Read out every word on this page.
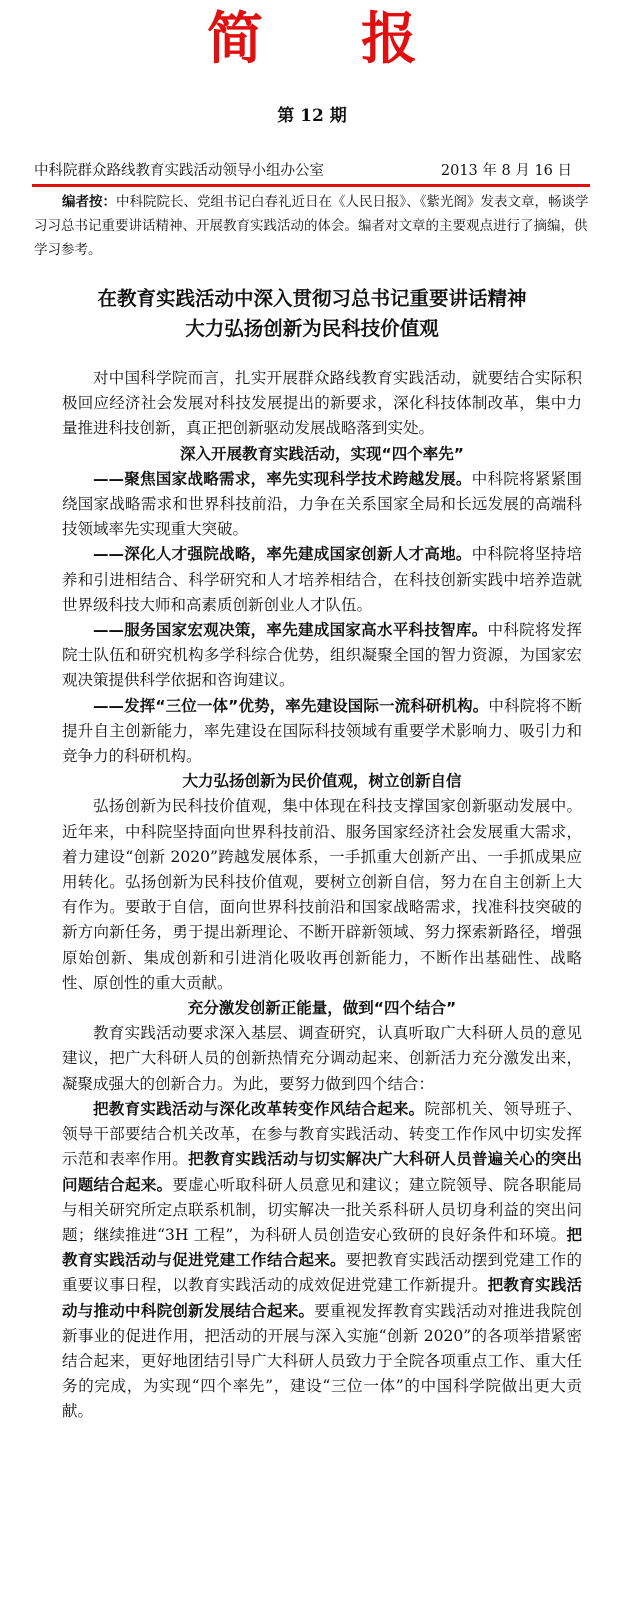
简 报
第 12 期
中科院群众路线教育实践活动领导小组办公室	2013 年 8 月 16 日
编者按：中科院院长、党组书记白春礼近日在《人民日报》、《紫光阁》发表文章，畅谈学习习总书记重要讲话精神、开展教育实践活动的体会。编者对文章的主要观点进行了摘编，供学习参考。
在教育实践活动中深入贯彻习总书记重要讲话精神
大力弘扬创新为民科技价值观

对中国科学院而言，扎实开展群众路线教育实践活动，就要结合实际积极回应经济社会发展对科技发展提出的新要求，深化科技体制改革，集中力量推进科技创新，真正把创新驱动发展战略落到实处。

深入开展教育实践活动，实现“四个率先”

——聚焦国家战略需求，率先实现科学技术跨越发展。中科院将紧紧围绕国家战略需求和世界科技前沿，力争在关系国家全局和长远发展的高端科技领域率先实现重大突破。

——深化人才强院战略，率先建成国家创新人才高地。中科院将坚持培养和引进相结合、科学研究和人才培养相结合，在科技创新实践中培养造就世界级科技大师和高素质创新创业人才队伍。

——服务国家宏观决策，率先建成国家高水平科技智库。中科院将发挥院士队伍和研究机构多学科综合优势，组织凝聚全国的智力资源，为国家宏观决策提供科学依据和咨询建议。

——发挥“三位一体”优势，率先建设国际一流科研机构。中科院将不断提升自主创新能力，率先建设在国际科技领域有重要学术影响力、吸引力和竞争力的科研机构。

大力弘扬创新为民价值观，树立创新自信

弘扬创新为民科技价值观，集中体现在科技支撑国家创新驱动发展中。近年来，中科院坚持面向世界科技前沿、服务国家经济社会发展重大需求，着力建设“创新 2020”跨越发展体系，一手抓重大创新产出、一手抓成果应用转化。弘扬创新为民科技价值观，要树立创新自信，努力在自主创新上大有作为。要敢于自信，面向世界科技前沿和国家战略需求，找准科技突破的新方向新任务，勇于提出新理论、不断开辟新领域、努力探索新路径，增强原始创新、集成创新和引进消化吸收再创新能力，不断作出基础性、战略性、原创性的重大贡献。

充分激发创新正能量，做到“四个结合”

教育实践活动要求深入基层、调查研究，认真听取广大科研人员的意见建议，把广大科研人员的创新热情充分调动起来、创新活力充分激发出来，凝聚成强大的创新合力。为此，要努力做到四个结合：

把教育实践活动与深化改革转变作风结合起来。院部机关、领导班子、领导干部要结合机关改革，在参与教育实践活动、转变工作作风中切实发挥示范和表率作用。把教育实践活动与切实解决广大科研人员普遍关心的突出问题结合起来。要虚心听取科研人员意见和建议；建立院领导、院各职能局与相关研究所定点联系机制，切实解决一批关系科研人员切身利益的突出问题；继续推进“3H 工程”，为科研人员创造安心致研的良好条件和环境。把教育实践活动与促进党建工作结合起来。要把教育实践活动摆到党建工作的重要议事日程，以教育实践活动的成效促进党建工作新提升。把教育实践活动与推动中科院创新发展结合起来。要重视发挥教育实践活动对推进我院创新事业的促进作用，把活动的开展与深入实施“创新 2020”的各项举措紧密结合起来，更好地团结引导广大科研人员致力于全院各项重点工作、重大任务的完成，为实现“四个率先”，建设“三位一体”的中国科学院做出更大贡献。
